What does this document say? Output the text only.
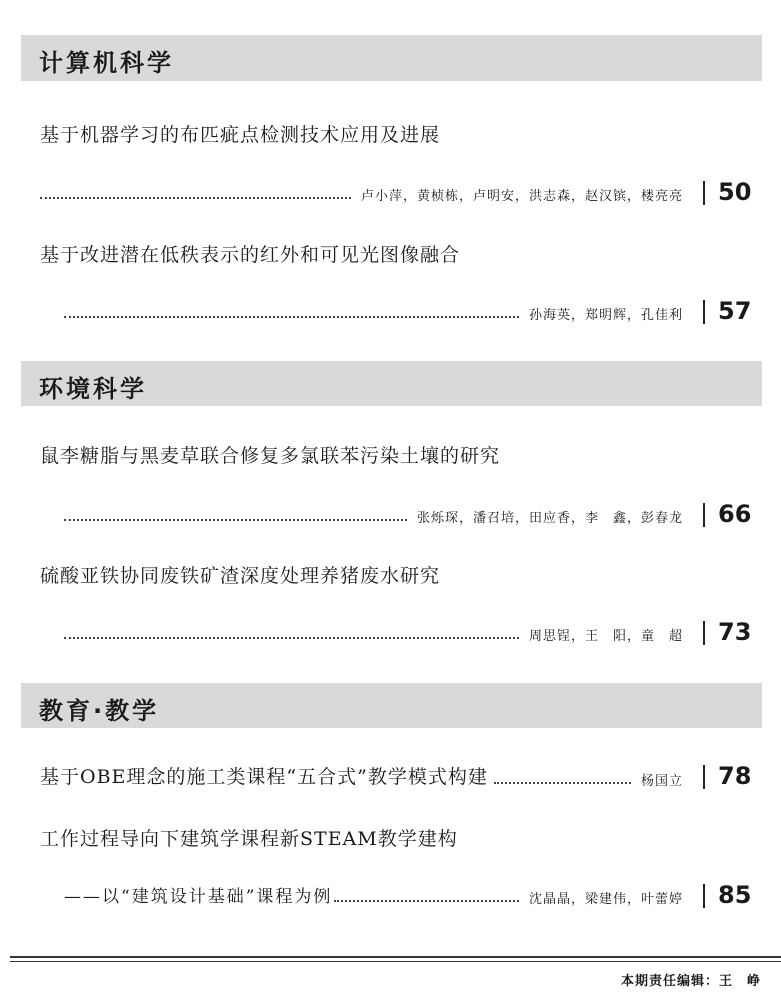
计算机科学
基于机器学习的布匹疵点检测技术应用及进展
卢小萍，黄桢栋，卢明安，洪志森，赵汉镔，楼亮亮 50
基于改进潜在低秩表示的红外和可见光图像融合
孙海英，郑明辉，孔佳利 57
环境科学
鼠李糖脂与黑麦草联合修复多氯联苯污染土壤的研究
张烁琛，潘召培，田应香，李　鑫，彭春龙 66
硫酸亚铁协同废铁矿渣深度处理养猪废水研究
周思锃，王　阳，童　超 73
教育·教学
基于OBE理念的施工类课程“五合式”教学模式构建	杨国立 78
工作过程导向下建筑学课程新STEAM教学建构
——以“建筑设计基础”课程为例	沈晶晶，梁建伟，叶蕾婷 85
本期责任编辑：王　峥
